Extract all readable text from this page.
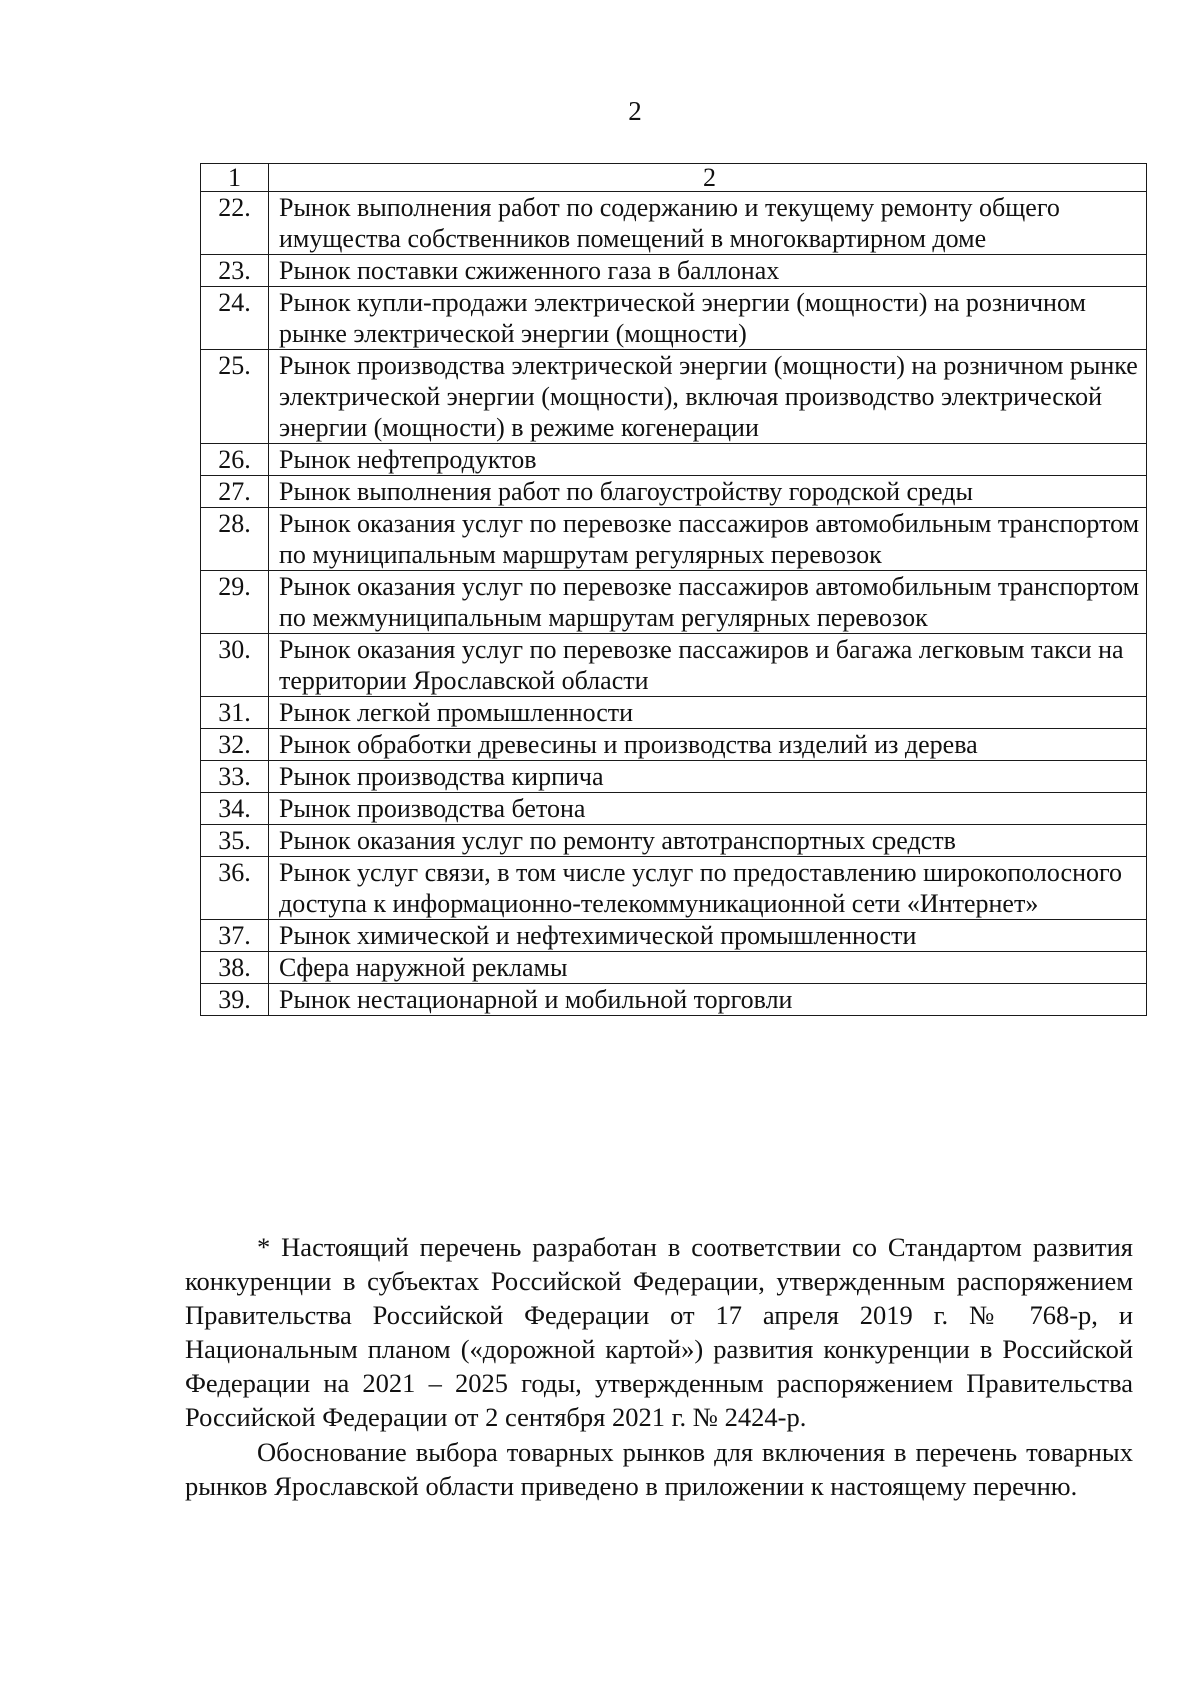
2
1	2
22.	Рынок выполнения работ по содержанию и текущему ремонту общего имущества собственников помещений в многоквартирном доме
23.	Рынок поставки сжиженного газа в баллонах
24.	Рынок купли-продажи электрической энергии (мощности) на розничном рынке электрической энергии (мощности)
25.	Рынок производства электрической энергии (мощности) на розничном рынке электрической энергии (мощности), включая производство электрической энергии (мощности) в режиме когенерации
26.	Рынок нефтепродуктов
27.	Рынок выполнения работ по благоустройству городской среды
28.	Рынок оказания услуг по перевозке пассажиров автомобильным транспортом по муниципальным маршрутам регулярных перевозок
29.	Рынок оказания услуг по перевозке пассажиров автомобильным транспортом по межмуниципальным маршрутам регулярных перевозок
30.	Рынок оказания услуг по перевозке пассажиров и багажа легковым такси на территории Ярославской области
31.	Рынок легкой промышленности
32.	Рынок обработки древесины и производства изделий из дерева
33.	Рынок производства кирпича
34.	Рынок производства бетона
35.	Рынок оказания услуг по ремонту автотранспортных средств
36.	Рынок услуг связи, в том числе услуг по предоставлению широкополосного доступа к информационно-телекоммуникационной сети «Интернет»
37.	Рынок химической и нефтехимической промышленности
38.	Сфера наружной рекламы
39.	Рынок нестационарной и мобильной торговли

* Настоящий перечень разработан в соответствии со Стандартом развития конкуренции в субъектах Российской Федерации, утвержденным распоряжением Правительства Российской Федерации от 17 апреля 2019 г. № 768-р, и Национальным планом («дорожной картой») развития конкуренции в Российской Федерации на 2021 – 2025 годы, утвержденным распоряжением Правительства Российской Федерации от 2 сентября 2021 г. № 2424-р.

Обоснование выбора товарных рынков для включения в перечень товарных рынков Ярославской области приведено в приложении к настоящему перечню.
